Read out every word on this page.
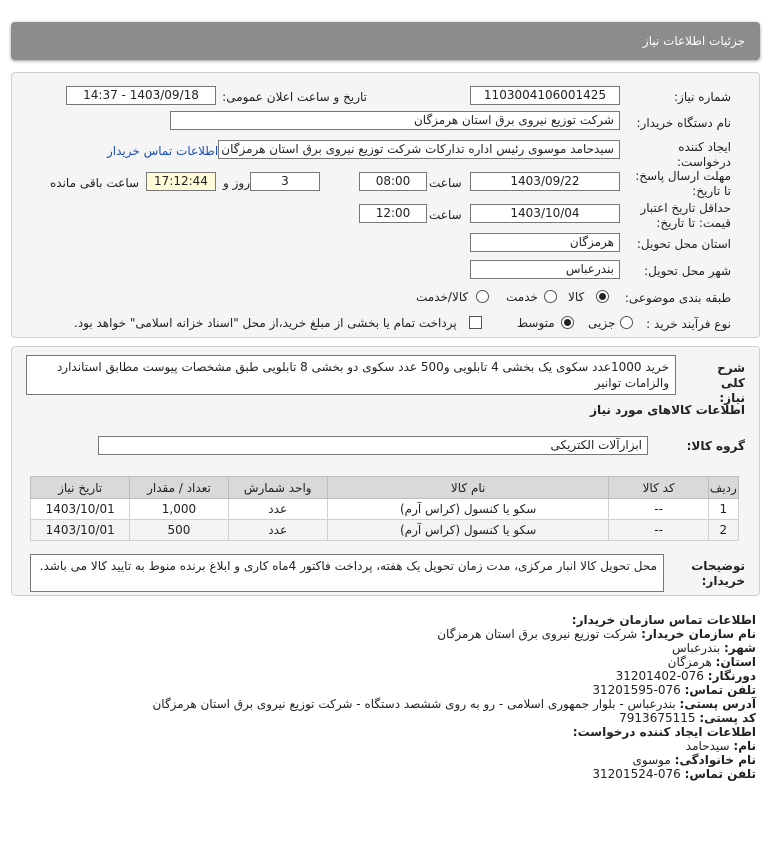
جزئیات اطلاعات نیاز
شماره نیاز:
1103004106001425
تاریخ و ساعت اعلان عمومی:
1403/09/18 - 14:37
نام دستگاه خریدار:
شرکت توزیع نیروی برق استان هرمزگان
ایجاد کننده درخواست:
سیدحامد موسوی رئیس اداره تدارکات شرکت توزیع نیروی برق استان هرمزگان
اطلاعات تماس خریدار
مهلت ارسال پاسخ: تا تاریخ:
1403/09/22
ساعت
08:00
3
روز و
17:12:44
ساعت باقی مانده
حداقل تاریخ اعتبار قیمت: تا تاریخ:
1403/10/04
ساعت
12:00
استان محل تحویل:
هرمزگان
شهر محل تحویل:
بندرعباس
طبقه بندی موضوعی:
کالا
خدمت
کالا/خدمت
نوع فرآیند خرید :
جزیی
متوسط
پرداخت تمام یا بخشی از مبلغ خرید،از محل "اسناد خزانه اسلامی" خواهد بود.
شرح کلی نیاز:
خرید 1000عدد سکوی یک بخشی 4 تابلویی و500 عدد سکوی دو بخشی 8 تابلویی طبق مشخصات پیوست مطابق استاندارد والزامات توانیر
اطلاعات کالاهای مورد نیاز
گروه کالا:
ابزارآلات الکتریکی
ردیف	کد کالا	نام کالا	واحد شمارش	تعداد / مقدار	تاریخ نیاز
1	--	سکو یا کنسول (کراس آرم)	عدد	1,000	1403/10/01
2	--	سکو یا کنسول (کراس آرم)	عدد	500	1403/10/01
توضیحات خریدار:
محل تحویل کالا انبار مرکزی، مدت زمان تحویل یک هفته، پرداخت فاکتور 4ماه کاری و ابلاغ برنده منوط به تایید کالا می باشد.
اطلاعات تماس سازمان خریدار:
نام سازمان خریدار: شرکت توزیع نیروی برق استان هرمزگان
شهر: بندرعباس
استان: هرمزگان
دورنگار: 076-31201402
تلفن تماس: 076-31201595
آدرس پستی: بندرعباس - بلوار جمهوری اسلامی - رو به روی ششصد دستگاه - شرکت توزیع نیروی برق استان هرمزگان
کد پستی: 7913675115
اطلاعات ایجاد کننده درخواست:
نام: سیدحامد
نام خانوادگی: موسوی
تلفن تماس: 076-31201524
